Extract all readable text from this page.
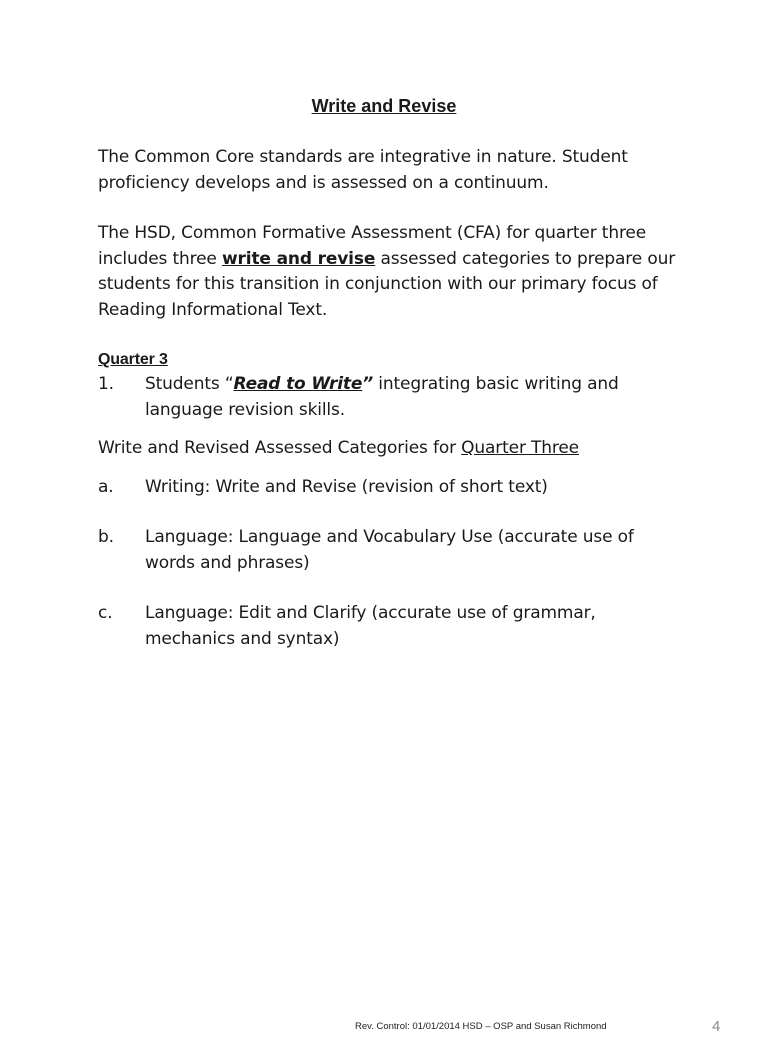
Write and Revise

The Common Core standards are integrative in nature. Student proficiency develops and is assessed on a continuum.

The HSD, Common Formative Assessment (CFA) for quarter three includes three write and revise assessed categories to prepare our students for this transition in conjunction with our primary focus of Reading Informational Text.

Quarter 3

1.	Students “Read to Write” integrating basic writing and language revision skills.

Write and Revised Assessed Categories for Quarter Three

a.	Writing: Write and Revise (revision of short text)
b.	Language: Language and Vocabulary Use (accurate use of words and phrases)
c.	Language: Edit and Clarify (accurate use of grammar, mechanics and syntax)
Rev. Control: 01/01/2014 HSD – OSP and Susan Richmond	4
